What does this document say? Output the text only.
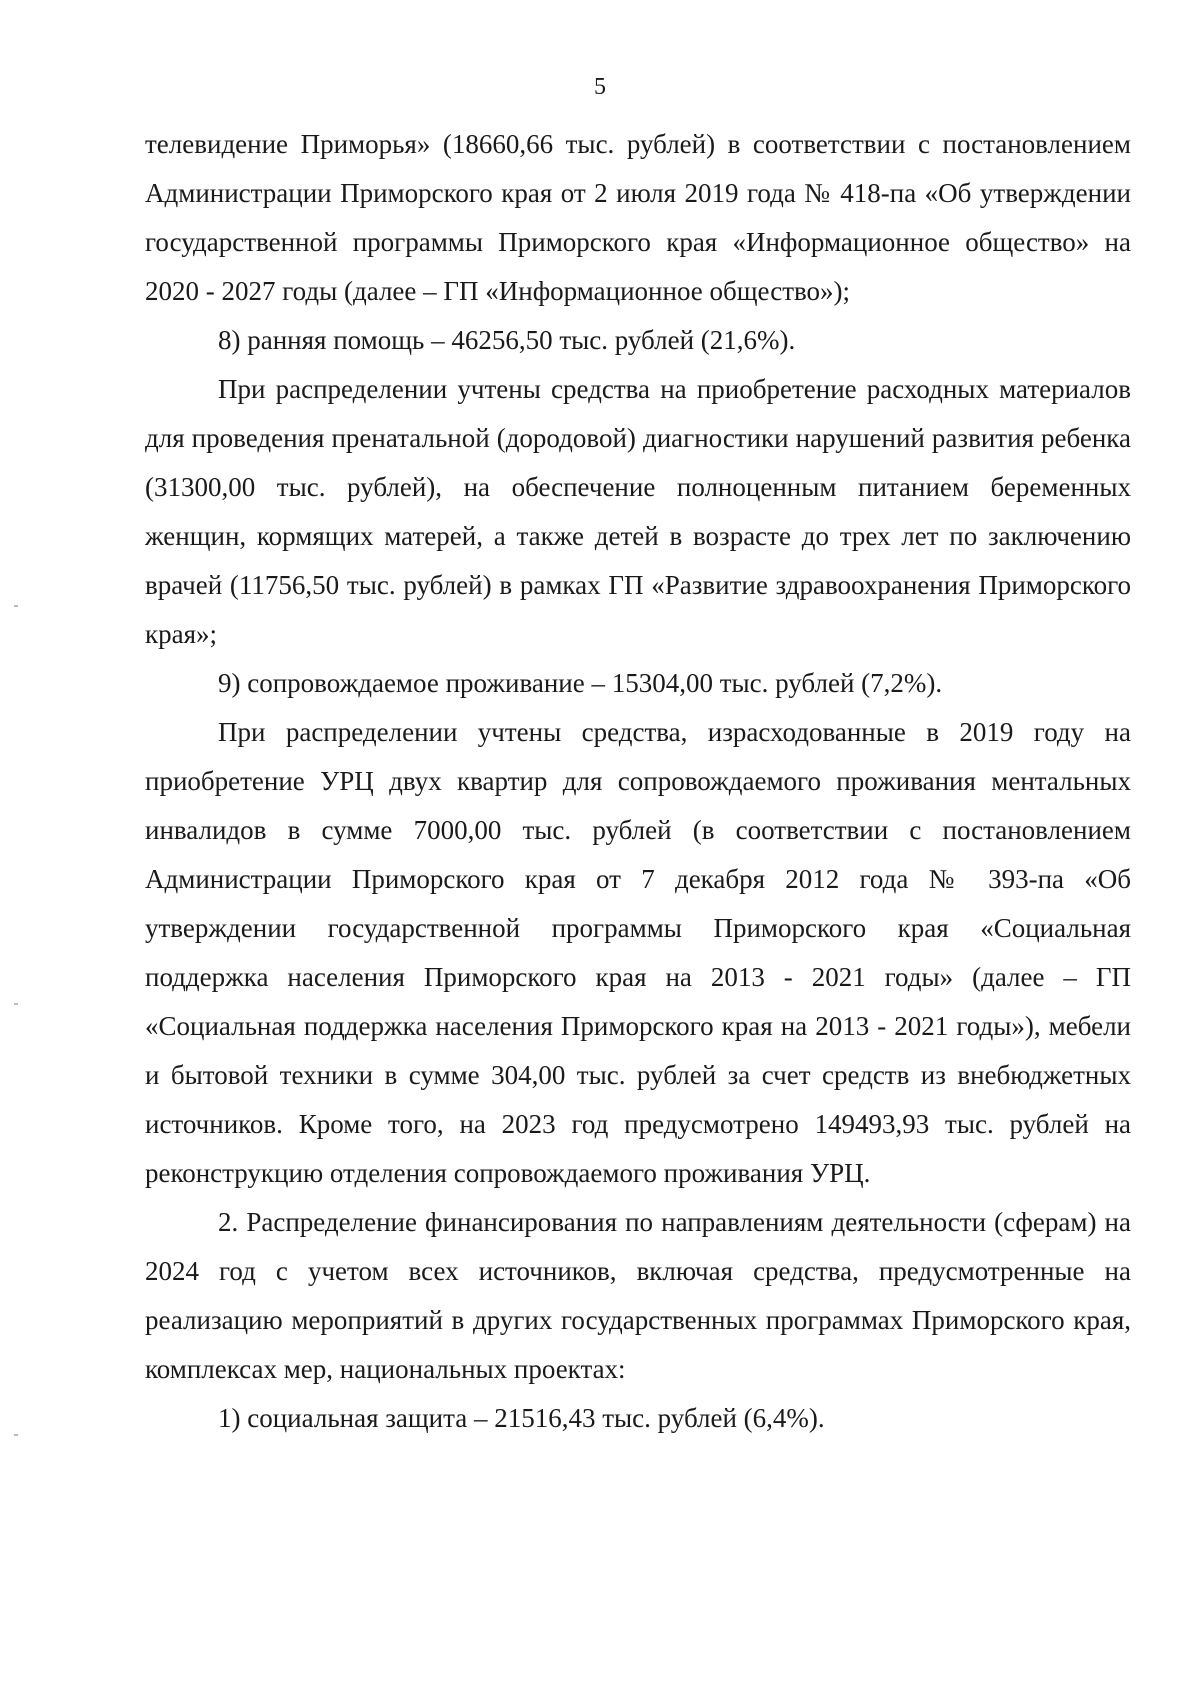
5

телевидение Приморья» (18660,66 тыс. рублей) в соответствии с постановлением Администрации Приморского края от 2 июля 2019 года № 418-па «Об утверждении государственной программы Приморского края «Информационное общество» на 2020 - 2027 годы (далее – ГП «Информационное общество»);

8) ранняя помощь – 46256,50 тыс. рублей (21,6%).

При распределении учтены средства на приобретение расходных материалов для проведения пренатальной (дородовой) диагностики нарушений развития ребенка (31300,00 тыс. рублей), на обеспечение полноценным питанием беременных женщин, кормящих матерей, а также детей в возрасте до трех лет по заключению врачей (11756,50 тыс. рублей) в рамках ГП «Развитие здравоохранения Приморского края»;

9) сопровождаемое проживание – 15304,00 тыс. рублей (7,2%).

При распределении учтены средства, израсходованные в 2019 году на приобретение УРЦ двух квартир для сопровождаемого проживания ментальных инвалидов в сумме 7000,00 тыс. рублей (в соответствии с постановлением Администрации Приморского края от 7 декабря 2012 года № 393-па «Об утверждении государственной программы Приморского края «Социальная поддержка населения Приморского края на 2013 - 2021 годы» (далее – ГП «Социальная поддержка населения Приморского края на 2013 - 2021 годы»), мебели и бытовой техники в сумме 304,00 тыс. рублей за счет средств из внебюджетных источников. Кроме того, на 2023 год предусмотрено 149493,93 тыс. рублей на реконструкцию отделения сопровождаемого проживания УРЦ.

2. Распределение финансирования по направлениям деятельности (сферам) на 2024 год с учетом всех источников, включая средства, предусмотренные на реализацию мероприятий в других государственных программах Приморского края, комплексах мер, национальных проектах:

1) социальная защита – 21516,43 тыс. рублей (6,4%).
